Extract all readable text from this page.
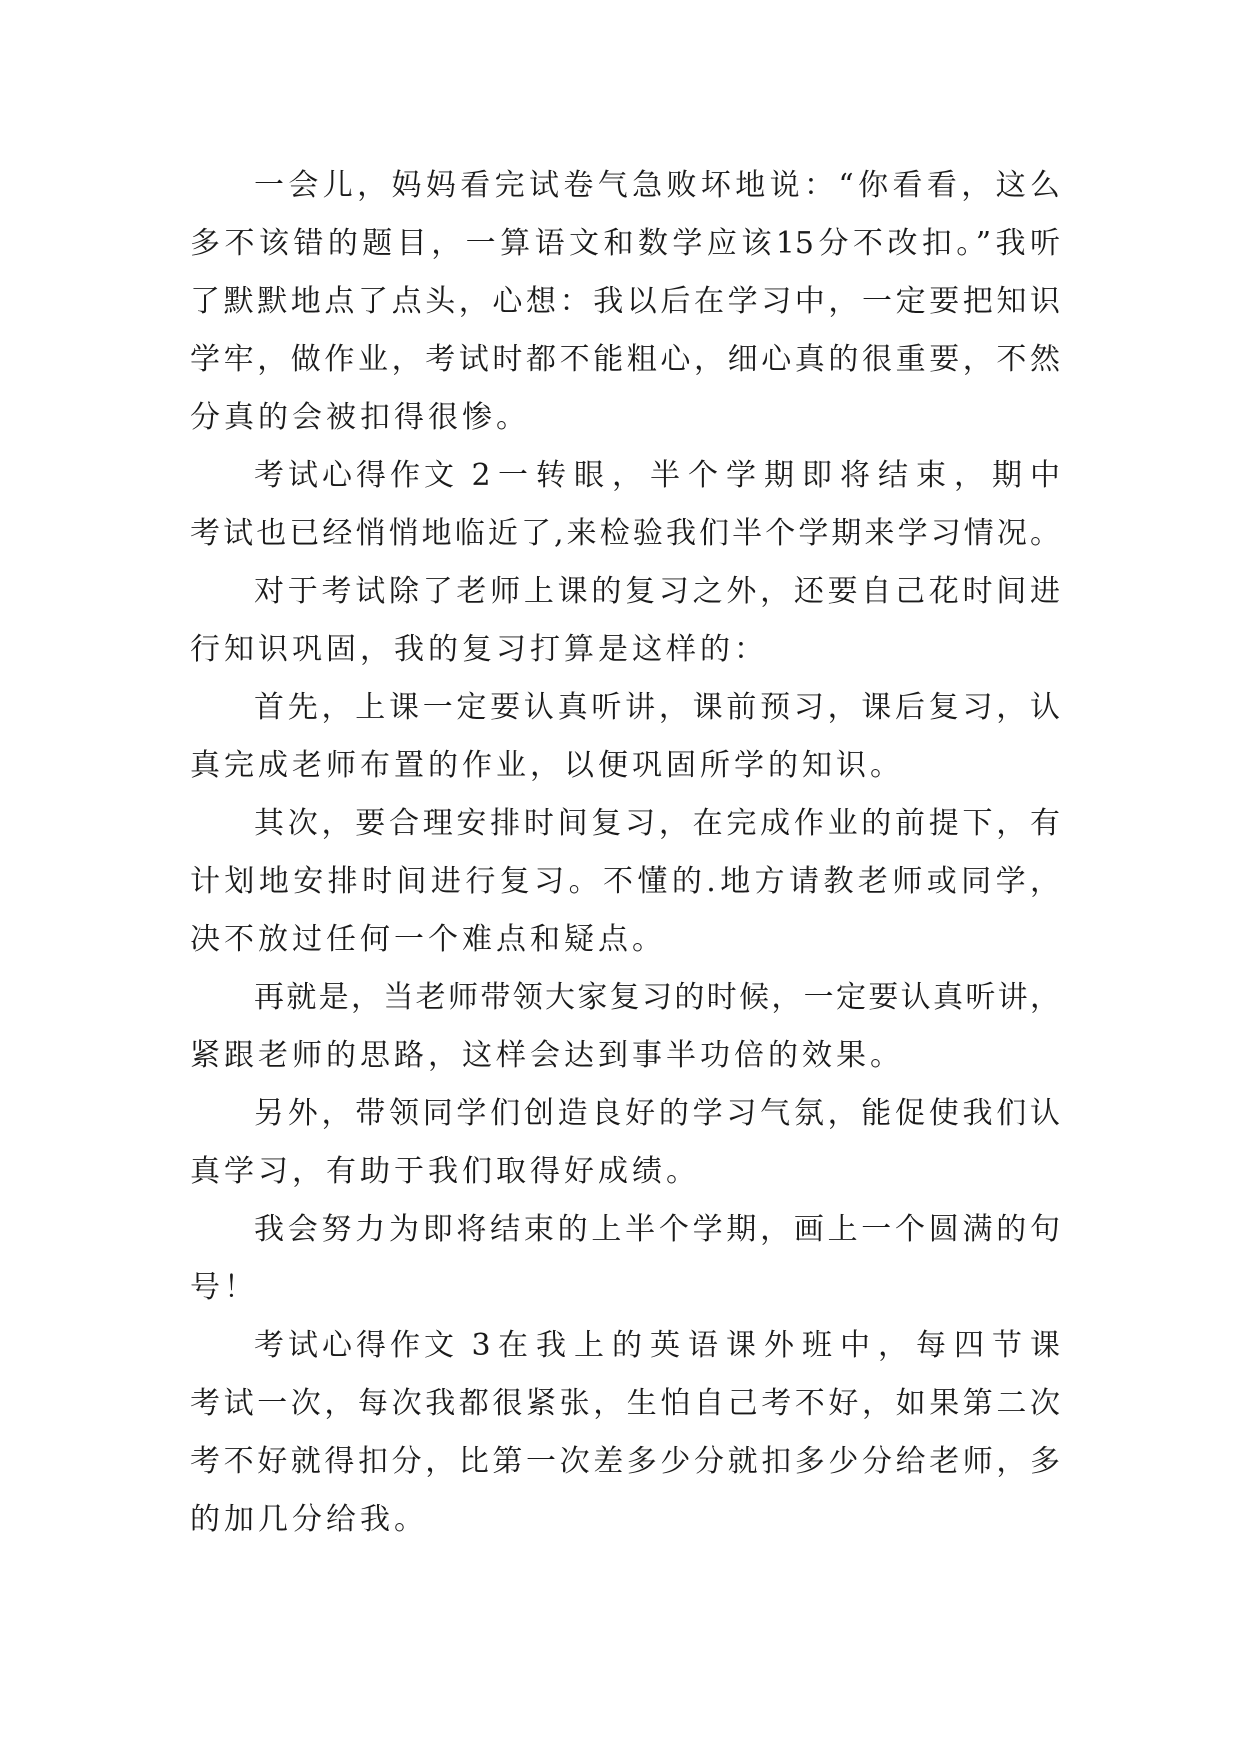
一会儿，妈妈看完试卷气急败坏地说：“你看看，这么
多不该错的题目，一算语文和数学应该15分不改扣。”我听
了默默地点了点头，心想：我以后在学习中，一定要把知识
学牢，做作业，考试时都不能粗心，细心真的很重要，不然
分真的会被扣得很惨。
考试心得作文 2 一转眼，半个学期即将结束，期中
考试也已经悄悄地临近了,来检验我们半个学期来学习情况。
对于考试除了老师上课的复习之外，还要自己花时间进
行知识巩固，我的复习打算是这样的：
首先，上课一定要认真听讲，课前预习，课后复习，认
真完成老师布置的作业，以便巩固所学的知识。
其次，要合理安排时间复习，在完成作业的前提下，有
计划地安排时间进行复习。不懂的.地方请教老师或同学，
决不放过任何一个难点和疑点。
再就是，当老师带领大家复习的时候，一定要认真听讲，
紧跟老师的思路，这样会达到事半功倍的效果。
另外，带领同学们创造良好的学习气氛，能促使我们认
真学习，有助于我们取得好成绩。
我会努力为即将结束的上半个学期，画上一个圆满的句
号！
考试心得作文 3 在我上的英语课外班中，每四节课
考试一次，每次我都很紧张，生怕自己考不好，如果第二次
考不好就得扣分，比第一次差多少分就扣多少分给老师，多
的加几分给我。
